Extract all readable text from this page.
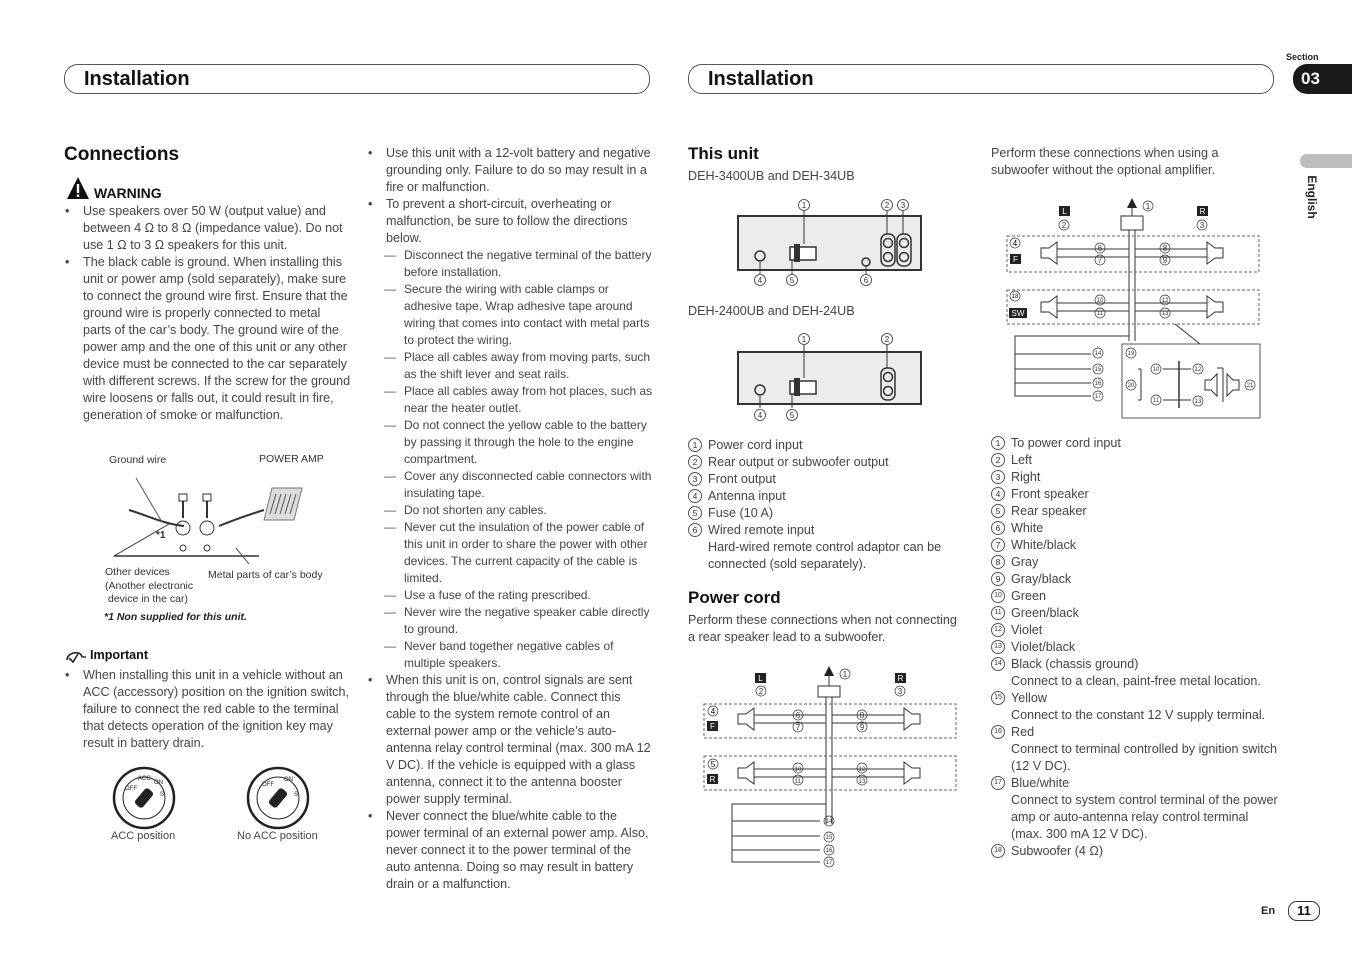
Section
03
English
Installation	Installation
Connections
WARNING
• Use speakers over 50 W (output value) and between 4 Ω to 8 Ω (impedance value). Do not use 1 Ω to 3 Ω speakers for this unit.
• The black cable is ground. When installing this unit or power amp (sold separately), make sure to connect the ground wire first. Ensure that the ground wire is properly connected to metal parts of the car’s body. The ground wire of the power amp and the one of this unit or any other device must be connected to the car separately with different screws. If the screw for the ground wire loosens or falls out, it could result in fire, generation of smoke or malfunction.
Ground wire	POWER AMP
*1
Other devices
(Another electronic
device in the car)
Metal parts of car’s body
*1 Non supplied for this unit.
Important
• When installing this unit in a vehicle without an ACC (accessory) position on the ignition switch, failure to connect the red cable to the terminal that detects operation of the ignition key may result in battery drain.
OFF
ACC
ON
S
OFF
ON
S
ACC position	No ACC position
• Use this unit with a 12-volt battery and negative grounding only. Failure to do so may result in a fire or malfunction.
• To prevent a short-circuit, overheating or malfunction, be sure to follow the directions below.
— Disconnect the negative terminal of the battery before installation.
— Secure the wiring with cable clamps or adhesive tape. Wrap adhesive tape around wiring that comes into contact with metal parts to protect the wiring.
— Place all cables away from moving parts, such as the shift lever and seat rails.
— Place all cables away from hot places, such as near the heater outlet.
— Do not connect the yellow cable to the battery by passing it through the hole to the engine compartment.
— Cover any disconnected cable connectors with insulating tape.
— Do not shorten any cables.
— Never cut the insulation of the power cable of this unit in order to share the power with other devices. The current capacity of the cable is limited.
— Use a fuse of the rating prescribed.
— Never wire the negative speaker cable directly to ground.
— Never band together negative cables of multiple speakers.
• When this unit is on, control signals are sent through the blue/white cable. Connect this cable to the system remote control of an external power amp or the vehicle’s auto-antenna relay control terminal (max. 300 mA 12 V DC). If the vehicle is equipped with a glass antenna, connect it to the antenna booster power supply terminal.
• Never connect the blue/white cable to the power terminal of an external power amp. Also, never connect it to the power terminal of the auto antenna. Doing so may result in battery drain or a malfunction.
This unit
DEH-3400UB and DEH-34UB
1	2 3
4	5	6
DEH-2400UB and DEH-24UB
1	2
4	5
1 Power cord input
2 Rear output or subwoofer output
3 Front output
4 Antenna input
5 Fuse (10 A)
6 Wired remote input
Hard-wired remote control adaptor can be connected (sold separately).
Power cord
Perform these connections when not connecting a rear speaker lead to a subwoofer.
L	R
2	3
1
F
4
R
5
6
7
8
9
10
11
12
13
14
15
16
17
Perform these connections when using a subwoofer without the optional amplifier.
L	R
2	3
1
F
4
SW
18
6
7
8
9
10
11
12
13
14
15
16
17
19
20
10
11
12
13
21
1 To power cord input
2 Left
3 Right
4 Front speaker
5 Rear speaker
6 White
7 White/black
8 Gray
9 Gray/black
10 Green
11 Green/black
12 Violet
13 Violet/black
14 Black (chassis ground)
Connect to a clean, paint-free metal location.
15 Yellow
Connect to the constant 12 V supply terminal.
16 Red
Connect to terminal controlled by ignition switch (12 V DC).
17 Blue/white
Connect to system control terminal of the power amp or auto-antenna relay control terminal (max. 300 mA 12 V DC).
18 Subwoofer (4 Ω)
En	11
